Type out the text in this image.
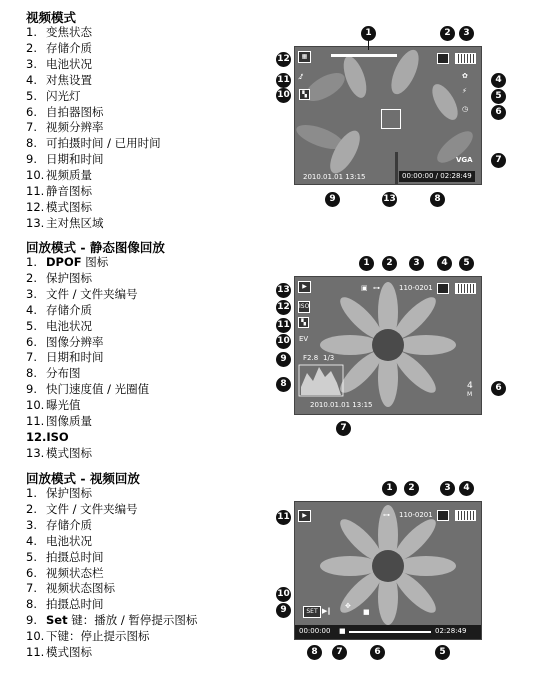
视频模式
1. 变焦状态
2. 存储介质
3. 电池状况
4. 对焦设置
5. 闪光灯
6. 自拍器图标
7. 视频分辨率
8. 可拍摄时间 / 已用时间
9. 日期和时间
10. 视频质量
11. 静音图标
12. 模式图标
13. 主对焦区域
▦
♪̸
▚
✿
⚡
◷
VGA
2010.01.01 13:15	00:00:00 / 02:28:49
1	2	3
4
5
6
7
8
9
10
11
12
13
回放模式 - 静态图像回放
1. DPOF 图标
2. 保护图标
3. 文件 / 文件夹编号
4. 存储介质
5. 电池状况
6. 图像分辨率
7. 日期和时间
8. 分布图
9. 快门速度值 / 光圈值
10. 曝光值
11. 图像质量
12.ISO
13. 模式图标
▶
ISO
▚
EV
F2.8 1/3
▣ ⊶	110-0201
4
M
2010.01.01 13:15
1	2	3	4	5
6
7
8
9
10
11
12
13
回放模式 - 视频回放
1. 保护图标
2. 文件 / 文件夹编号
3. 存储介质
4. 电池状况
5. 拍摄总时间
6. 视频状态栏
7. 视频状态图标
8. 拍摄总时间
9. Set 键：播放 / 暂停提示图标
10. 下键：停止提示图标
11. 模式图标
▶	⊶ 110-0201
SET ▶‖
✥
■
00:00:00 ■	02:28:49
1	2	3	4
5
6
7
8
9
10
11
